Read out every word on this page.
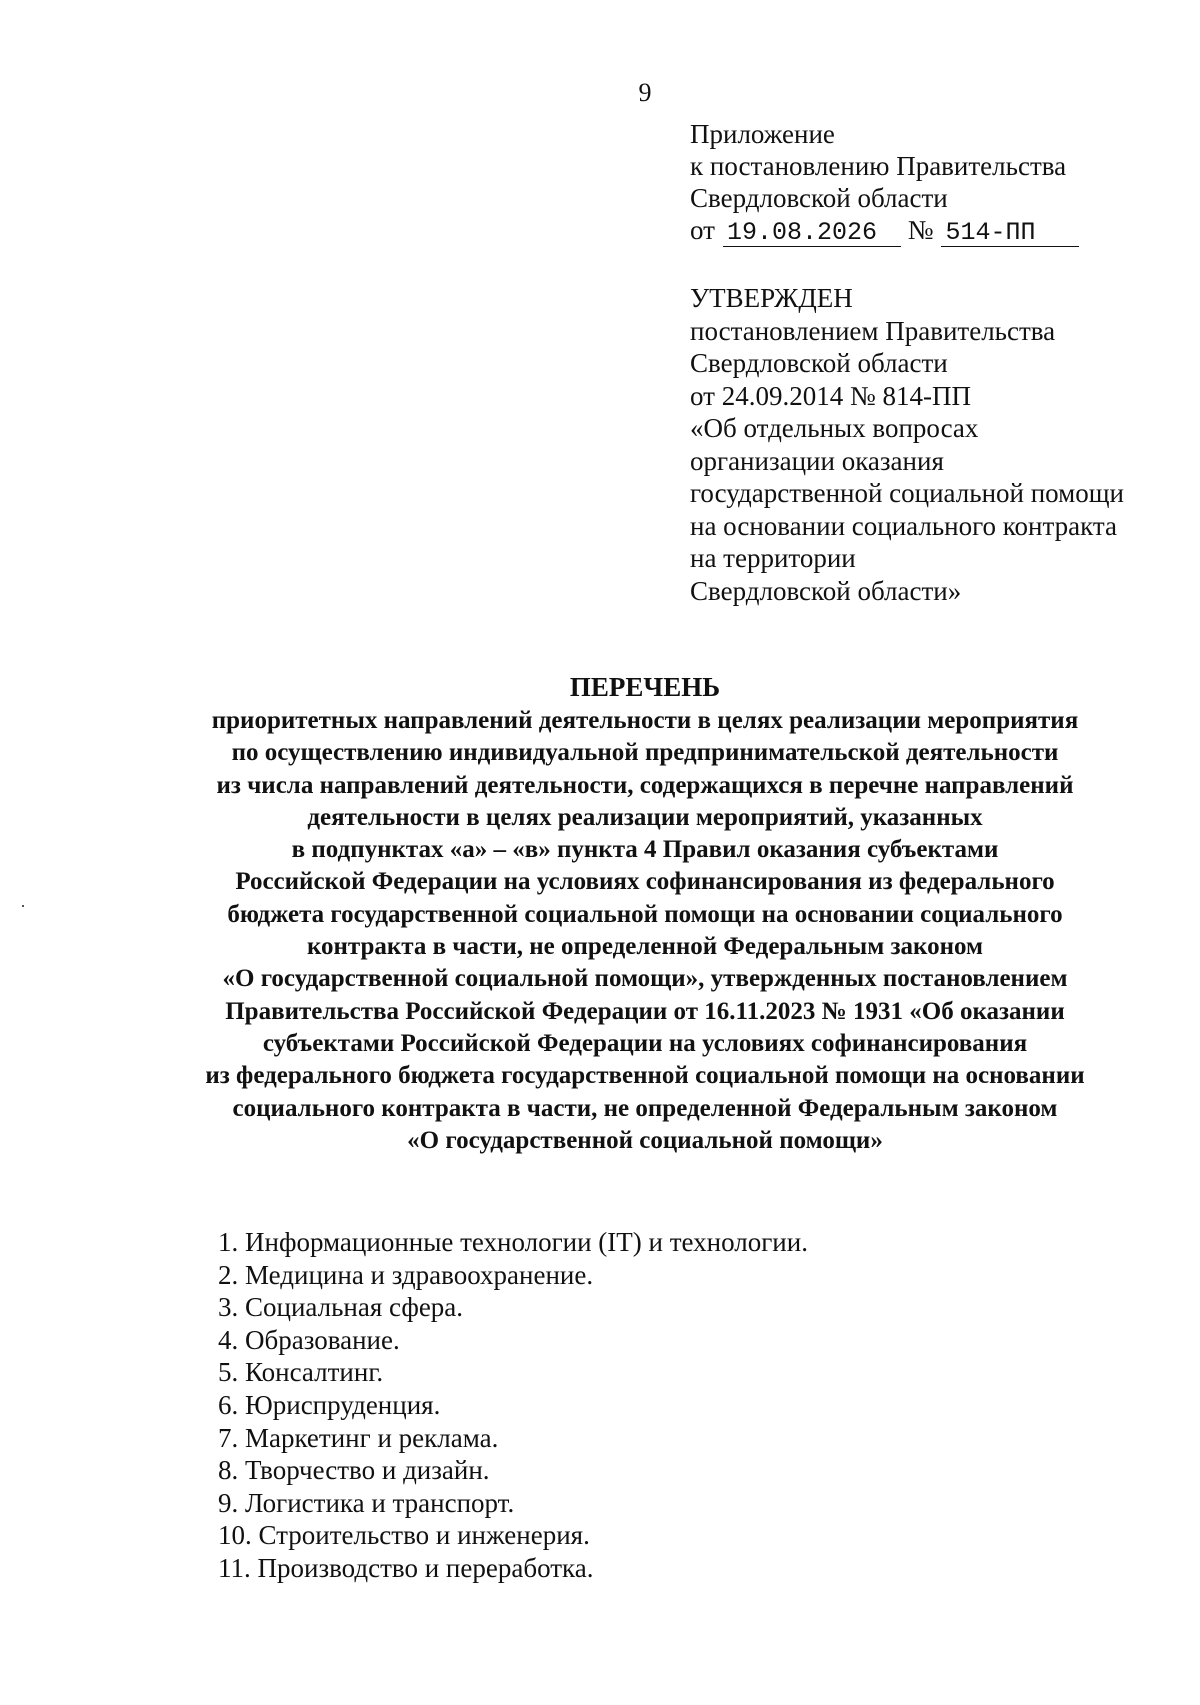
9
Приложение
к постановлению Правительства
Свердловской области
от 19.08.2026 № 514-ПП
УТВЕРЖДЕН
постановлением Правительства
Свердловской области
от 24.09.2014 № 814-ПП
«Об отдельных вопросах
организации оказания
государственной социальной помощи
на основании социального контракта
на территории
Свердловской области»
ПЕРЕЧЕНЬ
приоритетных направлений деятельности в целях реализации мероприятия
по осуществлению индивидуальной предпринимательской деятельности
из числа направлений деятельности, содержащихся в перечне направлений
деятельности в целях реализации мероприятий, указанных
в подпунктах «а» – «в» пункта 4 Правил оказания субъектами
Российской Федерации на условиях софинансирования из федерального
бюджета государственной социальной помощи на основании социального
контракта в части, не определенной Федеральным законом
«О государственной социальной помощи», утвержденных постановлением
Правительства Российской Федерации от 16.11.2023 № 1931 «Об оказании
субъектами Российской Федерации на условиях софинансирования
из федерального бюджета государственной социальной помощи на основании
социального контракта в части, не определенной Федеральным законом
«О государственной социальной помощи»
1. Информационные технологии (IT) и технологии.
2. Медицина и здравоохранение.
3. Социальная сфера.
4. Образование.
5. Консалтинг.
6. Юриспруденция.
7. Маркетинг и реклама.
8. Творчество и дизайн.
9. Логистика и транспорт.
10. Строительство и инженерия.
11. Производство и переработка.
